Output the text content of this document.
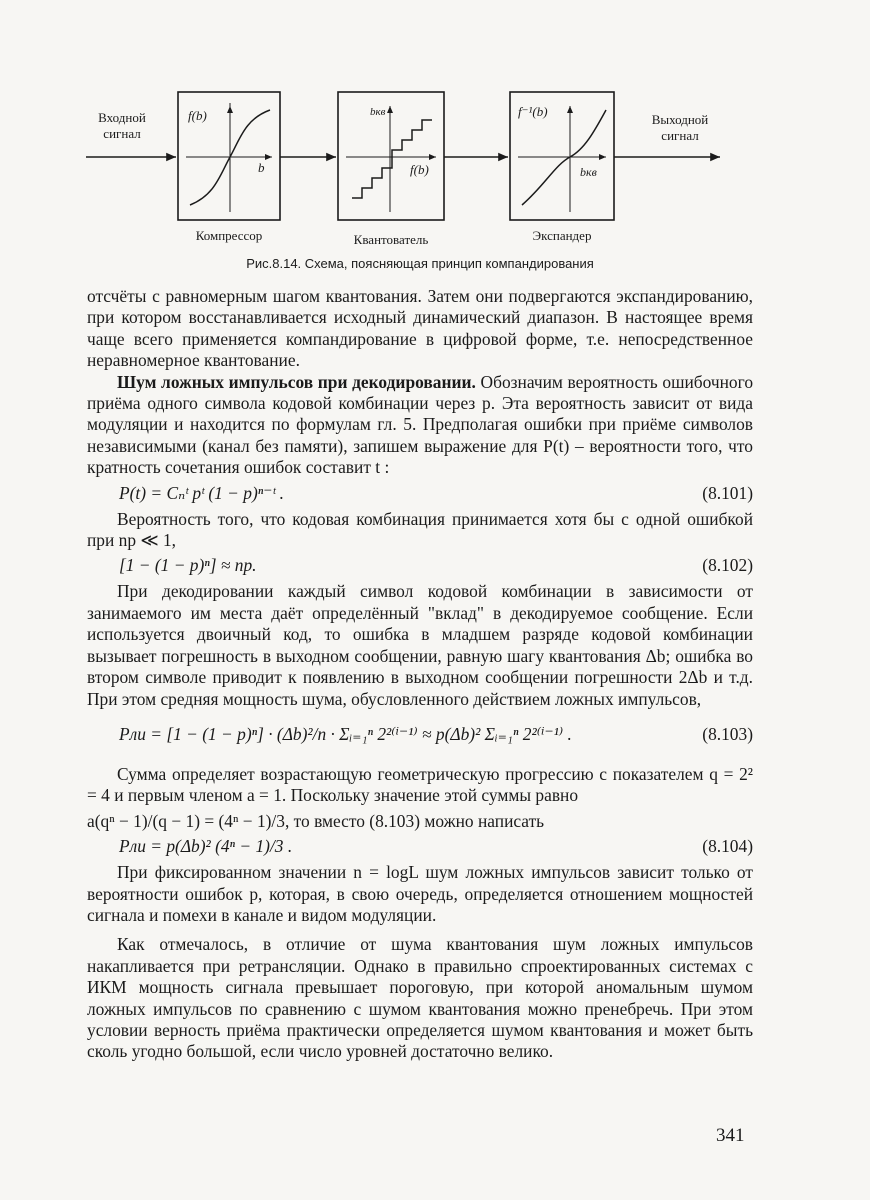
Входной сигнал
Выходной сигнал
f(b)
b
bкв
f(b)
f⁻¹(b)
bкв
Компрессор	Квантователь	Экспандер
Рис.8.14. Схема, поясняющая принцип компандирования

отсчёты с равномерным шагом квантования. Затем они подвергаются экспандированию, при котором восстанавливается исходный динамический диапазон. В настоящее время чаще всего применяется компандирование в цифровой форме, т.е. непосредственное неравномерное квантование.

Шум ложных импульсов при декодировании. Обозначим вероятность ошибочного приёма одного символа кодовой комбинации через p. Эта вероятность зависит от вида модуляции и находится по формулам гл. 5. Предполагая ошибки при приёме символов независимыми (канал без памяти), запишем выражение для P(t) – вероятности того, что кратность сочетания ошибок составит t :

P(t) = Cₙᵗ pᵗ (1 − p)ⁿ⁻ᵗ .	(8.101)

Вероятность того, что кодовая комбинация принимается хотя бы с одной ошибкой при np ≪ 1,

[1 − (1 − p)ⁿ] ≈ np.	(8.102)

При декодировании каждый символ кодовой комбинации в зависимости от занимаемого им места даёт определённый "вклад" в декодируемое сообщение. Если используется двоичный код, то ошибка в младшем разряде кодовой комбинации вызывает погрешность в выходном сообщении, равную шагу квантования Δb; ошибка во втором символе приводит к появлению в выходном сообщении погрешности 2Δb и т.д. При этом средняя мощность шума, обусловленного действием ложных импульсов,

Pли = [1 − (1 − p)ⁿ] · (Δb)²/n · Σᵢ₌₁ⁿ 2²⁽ⁱ⁻¹⁾ ≈ p(Δb)² Σᵢ₌₁ⁿ 2²⁽ⁱ⁻¹⁾ .	(8.103)

Сумма определяет возрастающую геометрическую прогрессию с показателем q = 2² = 4 и первым членом a = 1. Поскольку значение этой суммы равно

a(qⁿ − 1)/(q − 1) = (4ⁿ − 1)/3, то вместо (8.103) можно написать

Pли = p(Δb)² (4ⁿ − 1)/3 .	(8.104)

При фиксированном значении n = logL шум ложных импульсов зависит только от вероятности ошибок p, которая, в свою очередь, определяется отношением мощностей сигнала и помехи в канале и видом модуляции.

Как отмечалось, в отличие от шума квантования шум ложных импульсов накапливается при ретрансляции. Однако в правильно спроектированных системах с ИКМ мощность сигнала превышает пороговую, при которой аномальным шумом ложных импульсов по сравнению с шумом квантования можно пренебречь. При этом условии верность приёма практически определяется шумом квантования и может быть сколь угодно большой, если число уровней достаточно велико.

341
